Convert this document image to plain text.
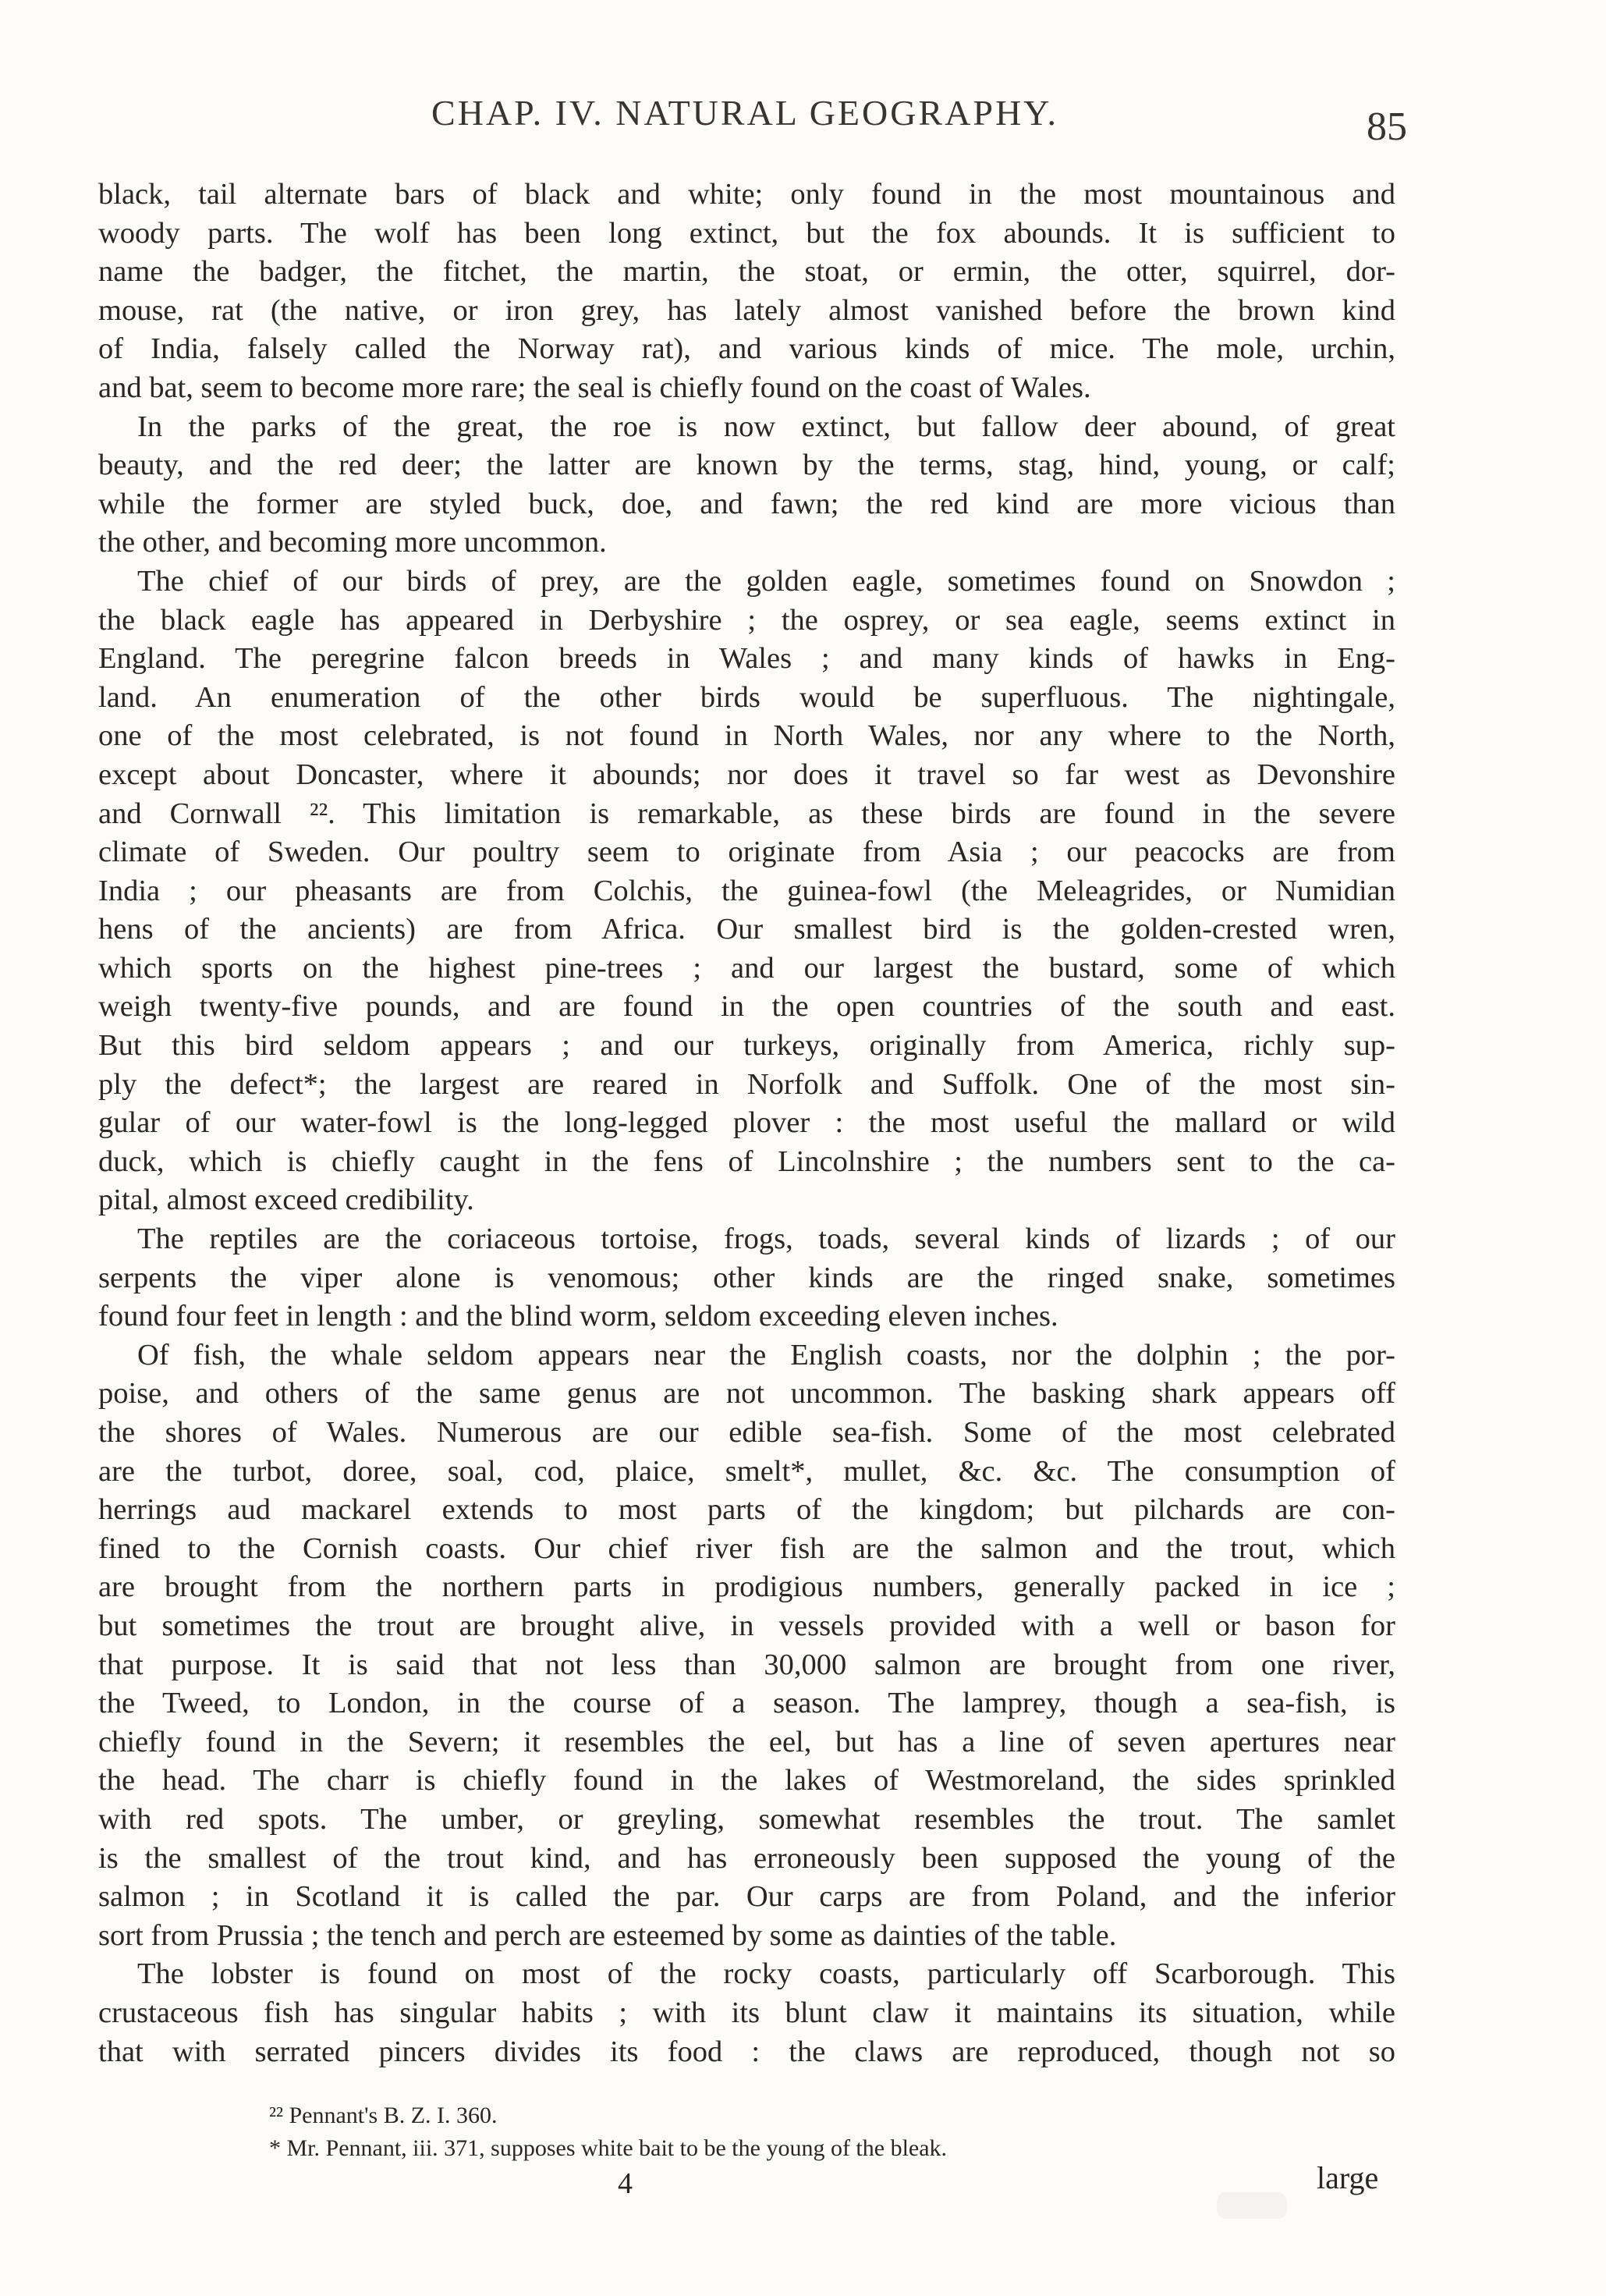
CHAP. IV. NATURAL GEOGRAPHY.	85
black, tail alternate bars of black and white; only found in the most mountainous and
woody parts. The wolf has been long extinct, but the fox abounds. It is sufficient to
name the badger, the fitchet, the martin, the stoat, or ermin, the otter, squirrel, dor-
mouse, rat (the native, or iron grey, has lately almost vanished before the brown kind
of India, falsely called the Norway rat), and various kinds of mice. The mole, urchin,
and bat, seem to become more rare; the seal is chiefly found on the coast of Wales.
In the parks of the great, the roe is now extinct, but fallow deer abound, of great
beauty, and the red deer; the latter are known by the terms, stag, hind, young, or calf;
while the former are styled buck, doe, and fawn; the red kind are more vicious than
the other, and becoming more uncommon.
The chief of our birds of prey, are the golden eagle, sometimes found on Snowdon ;
the black eagle has appeared in Derbyshire ; the osprey, or sea eagle, seems extinct in
England. The peregrine falcon breeds in Wales ; and many kinds of hawks in Eng-
land. An enumeration of the other birds would be superfluous. The nightingale,
one of the most celebrated, is not found in North Wales, nor any where to the North,
except about Doncaster, where it abounds; nor does it travel so far west as Devonshire
and Cornwall ²². This limitation is remarkable, as these birds are found in the severe
climate of Sweden. Our poultry seem to originate from Asia ; our peacocks are from
India ; our pheasants are from Colchis, the guinea-fowl (the Meleagrides, or Numidian
hens of the ancients) are from Africa. Our smallest bird is the golden-crested wren,
which sports on the highest pine-trees ; and our largest the bustard, some of which
weigh twenty-five pounds, and are found in the open countries of the south and east.
But this bird seldom appears ; and our turkeys, originally from America, richly sup-
ply the defect*; the largest are reared in Norfolk and Suffolk. One of the most sin-
gular of our water-fowl is the long-legged plover : the most useful the mallard or wild
duck, which is chiefly caught in the fens of Lincolnshire ; the numbers sent to the ca-
pital, almost exceed credibility.
The reptiles are the coriaceous tortoise, frogs, toads, several kinds of lizards ; of our
serpents the viper alone is venomous; other kinds are the ringed snake, sometimes
found four feet in length : and the blind worm, seldom exceeding eleven inches.
Of fish, the whale seldom appears near the English coasts, nor the dolphin ; the por-
poise, and others of the same genus are not uncommon. The basking shark appears off
the shores of Wales. Numerous are our edible sea-fish. Some of the most celebrated
are the turbot, doree, soal, cod, plaice, smelt*, mullet, &c. &c. The consumption of
herrings aud mackarel extends to most parts of the kingdom; but pilchards are con-
fined to the Cornish coasts. Our chief river fish are the salmon and the trout, which
are brought from the northern parts in prodigious numbers, generally packed in ice ;
but sometimes the trout are brought alive, in vessels provided with a well or bason for
that purpose. It is said that not less than 30,000 salmon are brought from one river,
the Tweed, to London, in the course of a season. The lamprey, though a sea-fish, is
chiefly found in the Severn; it resembles the eel, but has a line of seven apertures near
the head. The charr is chiefly found in the lakes of Westmoreland, the sides sprinkled
with red spots. The umber, or greyling, somewhat resembles the trout. The samlet
is the smallest of the trout kind, and has erroneously been supposed the young of the
salmon ; in Scotland it is called the par. Our carps are from Poland, and the inferior
sort from Prussia ; the tench and perch are esteemed by some as dainties of the table.
The lobster is found on most of the rocky coasts, particularly off Scarborough. This
crustaceous fish has singular habits ; with its blunt claw it maintains its situation, while
that with serrated pincers divides its food : the claws are reproduced, though not so
²² Pennant's B. Z. I. 360.
* Mr. Pennant, iii. 371, supposes white bait to be the young of the bleak.
4	large
